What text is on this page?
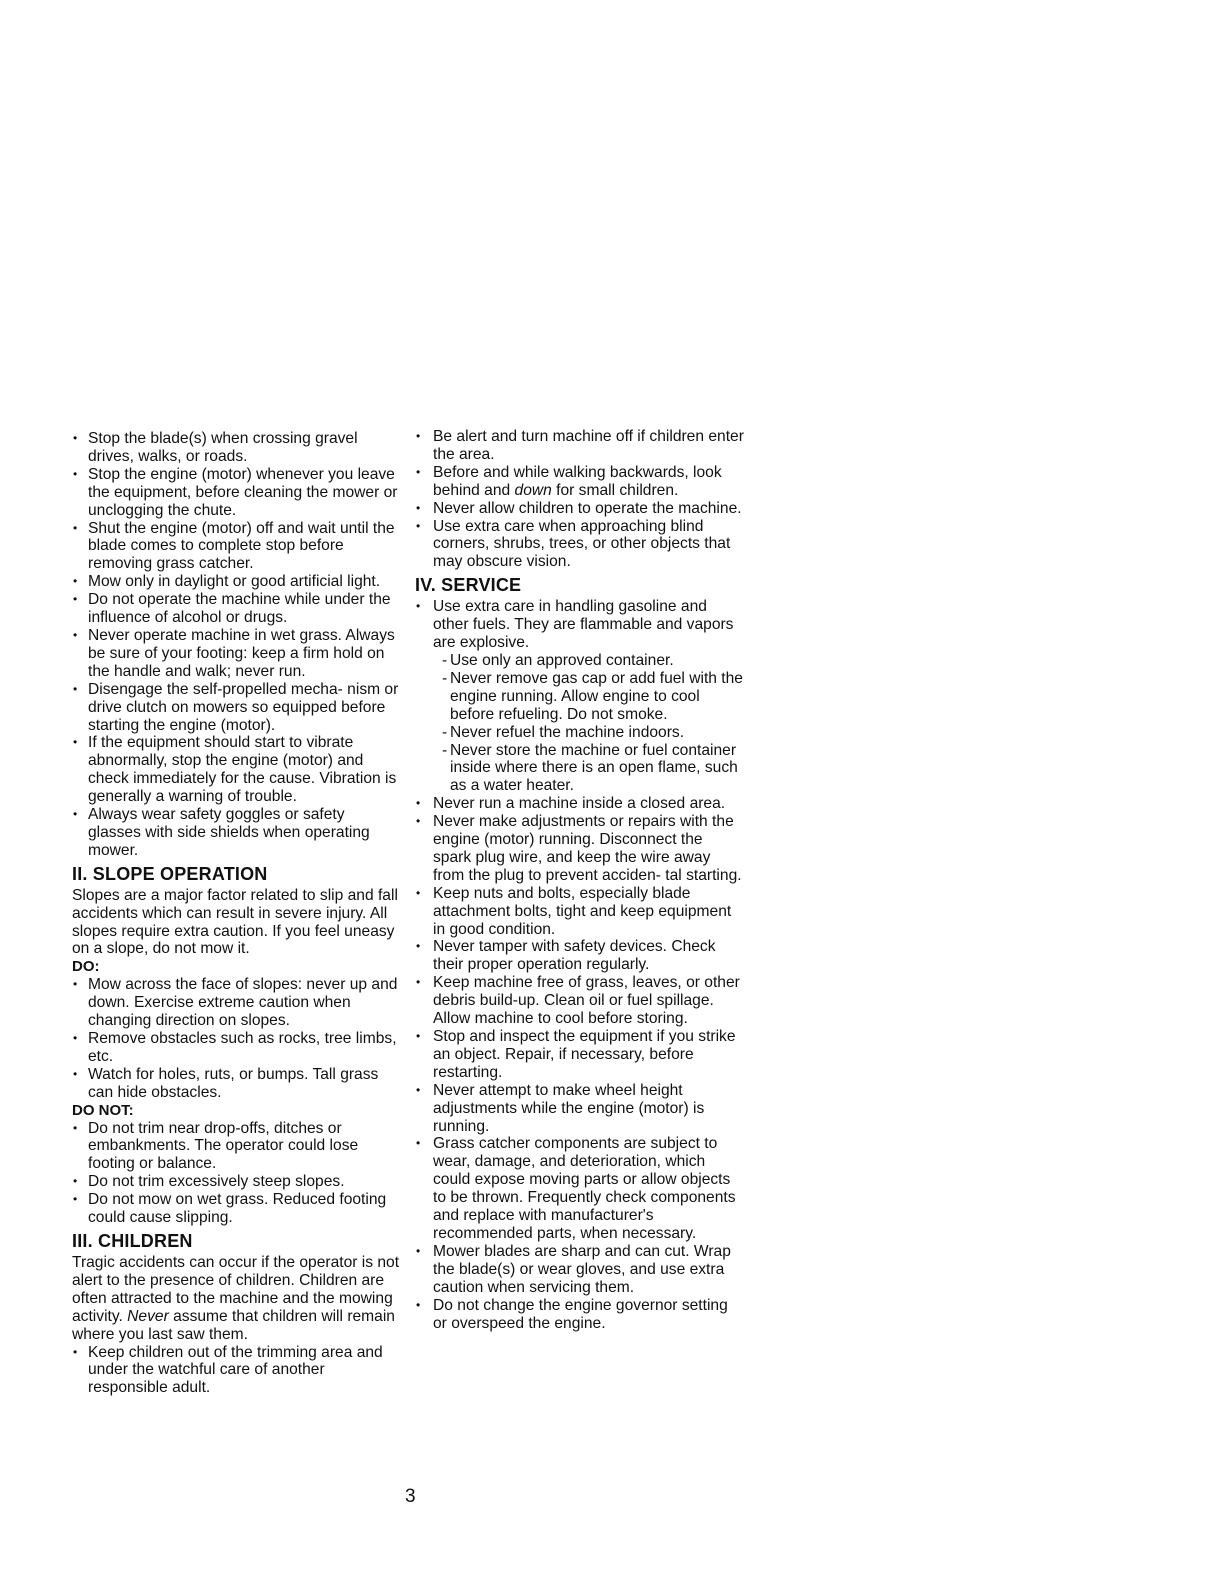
• Stop the blade(s) when crossing gravel drives, walks, or roads.
• Stop the engine (motor) whenever you leave the equipment, before cleaning the mower or unclogging the chute.
• Shut the engine (motor) off and wait until the blade comes to complete stop before removing grass catcher.
• Mow only in daylight or good artificial light.
• Do not operate the machine while under the influence of alcohol or drugs.
• Never operate machine in wet grass. Always be sure of your footing: keep a firm hold on the handle and walk; never run.
• Disengage the self-propelled mecha- nism or drive clutch on mowers so equipped before starting the engine (motor).
• If the equipment should start to vibrate abnormally, stop the engine (motor) and check immediately for the cause. Vibration is generally a warning of trouble.
• Always wear safety goggles or safety glasses with side shields when operating mower.
II. SLOPE OPERATION

Slopes are a major factor related to slip and fall accidents which can result in severe injury. All slopes require extra caution. If you feel uneasy on a slope, do not mow it.

DO:
• Mow across the face of slopes: never up and down. Exercise extreme caution when changing direction on slopes.
• Remove obstacles such as rocks, tree limbs, etc.
• Watch for holes, ruts, or bumps. Tall grass can hide obstacles.
DO NOT:
• Do not trim near drop-offs, ditches or embankments. The operator could lose footing or balance.
• Do not trim excessively steep slopes.
• Do not mow on wet grass. Reduced footing could cause slipping.
III. CHILDREN

Tragic accidents can occur if the operator is not alert to the presence of children. Children are often attracted to the machine and the mowing activity. Never assume that children will remain where you last saw them.

• Keep children out of the trimming area and under the watchful care of another responsible adult.
• Be alert and turn machine off if children enter the area.
• Before and while walking backwards, look behind and down for small children.
• Never allow children to operate the machine.
• Use extra care when approaching blind corners, shrubs, trees, or other objects that may obscure vision.
IV. SERVICE
• Use extra care in handling gasoline and other fuels. They are flammable and vapors are explosive.
- Use only an approved container.
- Never remove gas cap or add fuel with the engine running. Allow engine to cool before refueling. Do not smoke.
- Never refuel the machine indoors.
- Never store the machine or fuel container inside where there is an open flame, such as a water heater.
• Never run a machine inside a closed area.
• Never make adjustments or repairs with the engine (motor) running. Disconnect the spark plug wire, and keep the wire away from the plug to prevent acciden- tal starting.
• Keep nuts and bolts, especially blade attachment bolts, tight and keep equipment in good condition.
• Never tamper with safety devices. Check their proper operation regularly.
• Keep machine free of grass, leaves, or other debris build-up. Clean oil or fuel spillage. Allow machine to cool before storing.
• Stop and inspect the equipment if you strike an object. Repair, if necessary, before restarting.
• Never attempt to make wheel height adjustments while the engine (motor) is running.
• Grass catcher components are subject to wear, damage, and deterioration, which could expose moving parts or allow objects to be thrown. Frequently check components and replace with manufacturer's recommended parts, when necessary.
• Mower blades are sharp and can cut. Wrap the blade(s) or wear gloves, and use extra caution when servicing them.
• Do not change the engine governor setting or overspeed the engine.
3
